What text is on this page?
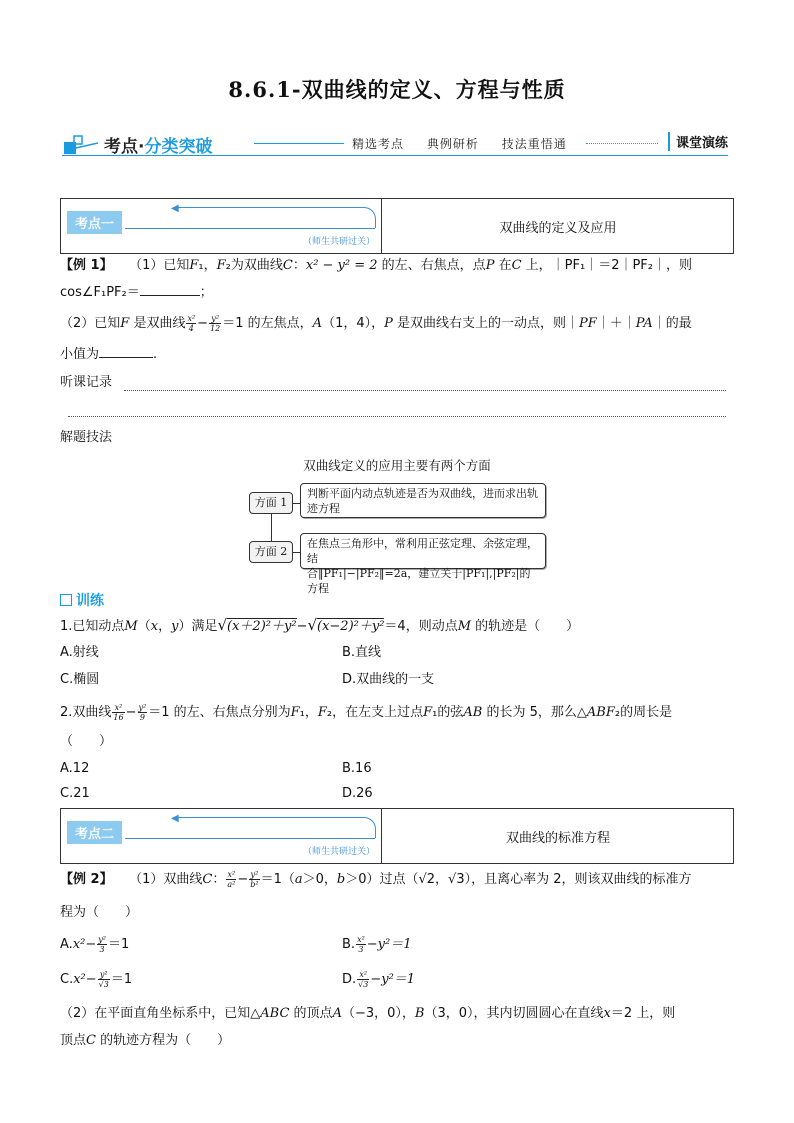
8.6.1-双曲线的定义、方程与性质
考点·分类突破	精选考点 典例研析 技法重悟通	课堂演练
考点一
◀
（师生共研过关）
双曲线的定义及应用
【例 1】 （1）已知F₁，F₂为双曲线C：x² − y² = 2 的左、右焦点，点P 在C 上，｜PF₁｜＝2｜PF₂｜，则
cos∠F₁PF₂＝	；
（2）已知F 是双曲线 $\frac{\text{x²}}{4} - \frac{\text{y²}}{12} =1$ 的左焦点，A（1，4），P 是双曲线右支上的一动点，则｜PF｜＋｜PA｜的最
小值为	.
听课记录
解题技法
双曲线定义的应用主要有两个方面
方面 1
判断平面内动点轨迹是否为双曲线，进而求出轨迹方程
方面 2
在焦点三角形中，常利用正弦定理、余弦定理，结
合‖PF₁|−|PF₂‖=2a，建立关于|PF₁|,|PF₂|的方程
训练
1.已知动点M（x，y）满足√(x＋2)²＋y²−√(x−2)²＋y²＝4，则动点M 的轨迹是（　　）
A.射线	B.直线
C.椭圆	D.双曲线的一支
2.双曲线 $\frac{\text{x²}}{16} - \frac{\text{y²}}{9} =1$ 的左、右焦点分别为F₁，F₂，在左支上过点F₁的弦AB 的长为 5，那么△ABF₂的周长是
（　　）
A.12	B.16
C.21	D.26
考点二
◀
（师生共研过关）
双曲线的标准方程
【例 2】 （1）双曲线C： $\frac{\text{x²}}{\text{a²}} - \frac{\text{y²}}{\text{b²}} =1(a>0$，b＞0）过点（√2，√3），且离心率为 2，则该双曲线的标准方
程为（　　）
$A.x^2- \frac{\text{y²}}{3} =1$	B. $\frac{\text{x²}}{3} -y^2=1$
$C.x^2- \frac{\text{y²}}{√3} =1$	D. $\frac{\text{x²}}{√3} -y^2=1$
（2）在平面直角坐标系中，已知△ABC 的顶点A（−3，0），B（3，0），其内切圆圆心在直线x＝2 上，则
顶点C 的轨迹方程为（　　）
